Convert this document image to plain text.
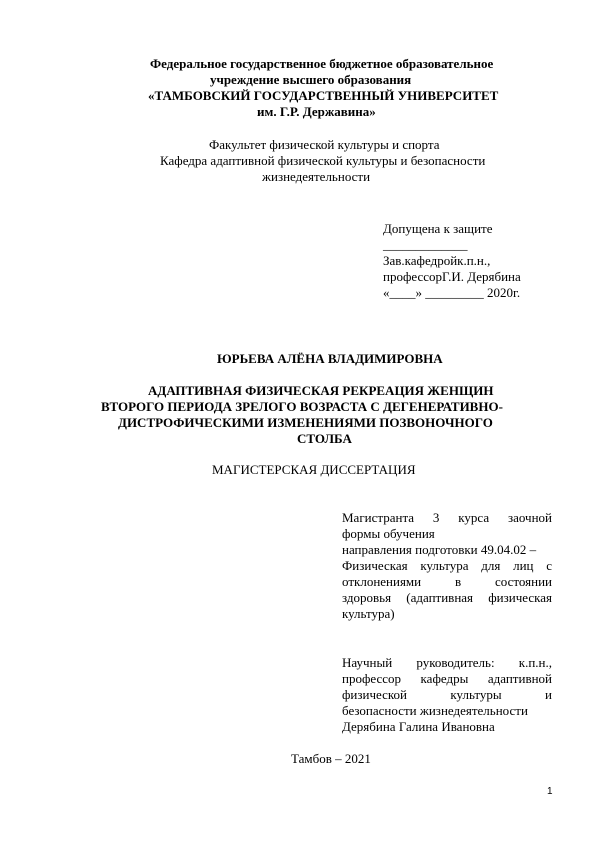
Федеральное государственное бюджетное образовательное
учреждение высшего образования
«ТАМБОВСКИЙ ГОСУДАРСТВЕННЫЙ УНИВЕРСИТЕТ
им. Г.Р. Державина»
Факультет физической культуры и спорта
Кафедра адаптивной физической культуры и безопасности
жизнедеятельности
Допущена к защите
_____________
Зав.кафедройк.п.н.,
профессорГ.И. Дерябина
«____» _________ 2020г.
ЮРЬЕВА АЛЁНА ВЛАДИМИРОВНА
АДАПТИВНАЯ ФИЗИЧЕСКАЯ РЕКРЕАЦИЯ ЖЕНЩИН
ВТОРОГО ПЕРИОДА ЗРЕЛОГО ВОЗРАСТА С ДЕГЕНЕРАТИВНО-
ДИСТРОФИЧЕСКИМИ ИЗМЕНЕНИЯМИ ПОЗВОНОЧНОГО
СТОЛБА
МАГИСТЕРСКАЯ ДИССЕРТАЦИЯ
Магистранта 3 курса заочной
формы обучения
направления подготовки 49.04.02 –
Физическая культура для лиц с
отклонениями в состоянии
здоровья (адаптивная физическая
культура)
Научный руководитель: к.п.н.,
профессор кафедры адаптивной
физической культуры и
безопасности жизнедеятельности
Дерябина Галина Ивановна
Тамбов – 2021
1
